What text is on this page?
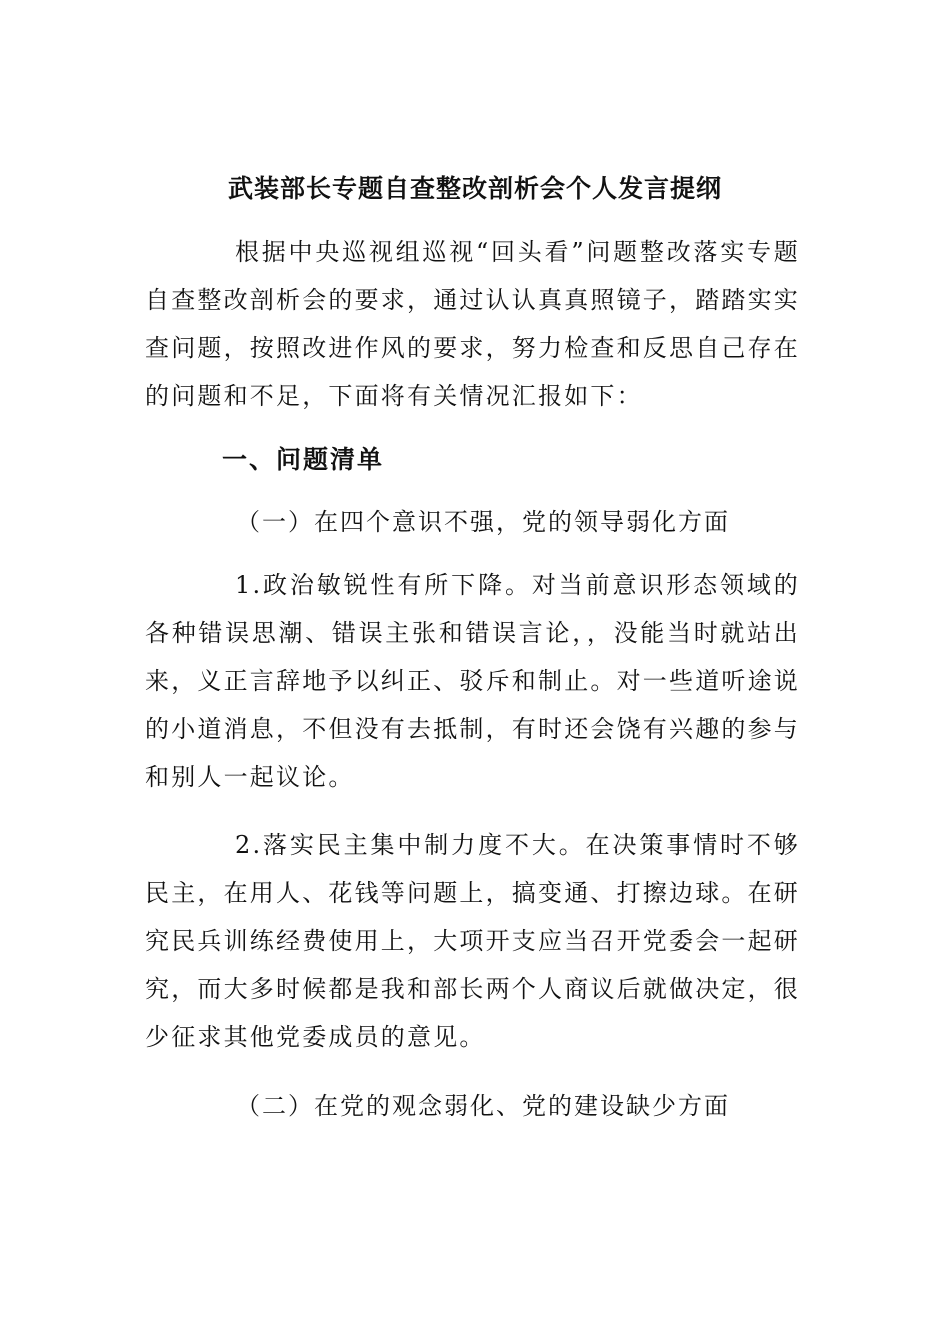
武装部长专题自查整改剖析会个人发言提纲

根据中央巡视组巡视“回头看”问题整改落实专题自查整改剖析会的要求，通过认认真真照镜子，踏踏实实查问题，按照改进作风的要求，努力检查和反思自己存在的问题和不足，下面将有关情况汇报如下：

一、问题清单

（一）在四个意识不强，党的领导弱化方面

1.政治敏锐性有所下降。对当前意识形态领域的各种错误思潮、错误主张和错误言论，，没能当时就站出来，义正言辞地予以纠正、驳斥和制止。对一些道听途说的小道消息，不但没有去抵制，有时还会饶有兴趣的参与和别人一起议论。

2.落实民主集中制力度不大。在决策事情时不够民主，在用人、花钱等问题上，搞变通、打擦边球。在研究民兵训练经费使用上，大项开支应当召开党委会一起研究，而大多时候都是我和部长两个人商议后就做决定，很少征求其他党委成员的意见。

（二）在党的观念弱化、党的建设缺少方面
